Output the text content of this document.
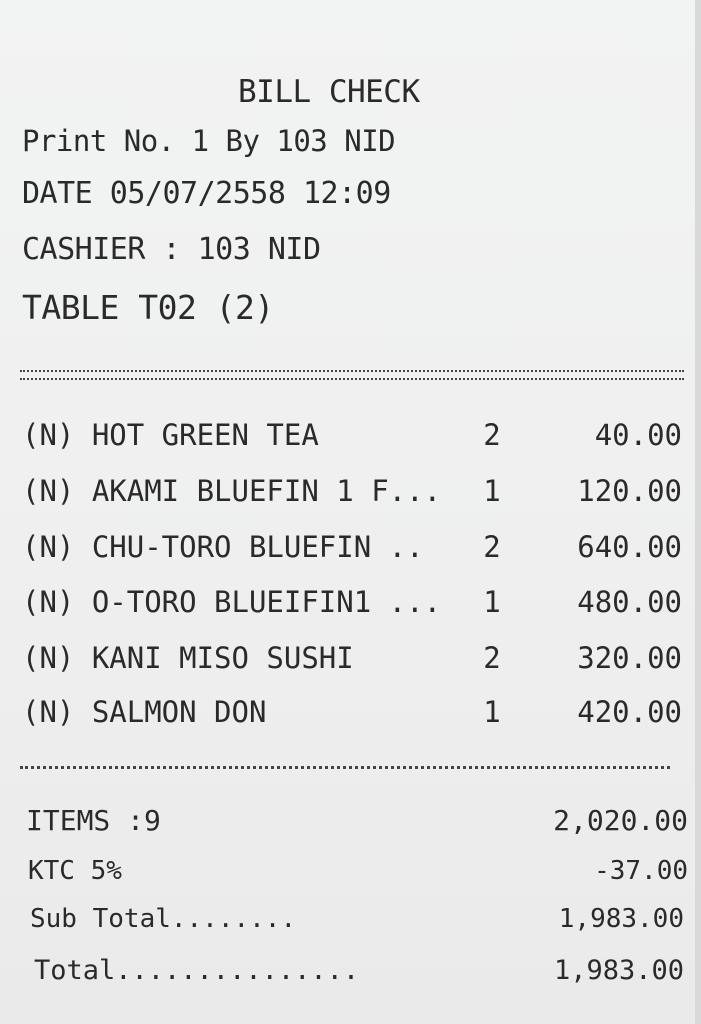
BILL CHECK
Print No. 1 By 103 NID
DATE 05/07/2558 12:09
CASHIER : 103 NID
TABLE T02 (2)
(N) HOT GREEN TEA	2	40.00
(N) AKAMI BLUEFIN 1 F... 1	120.00
(N) CHU-TORO BLUEFIN .. 2	640.00
(N) O-TORO BLUEIFIN1 ... 1	480.00
(N) KANI MISO SUSHI	2	320.00
(N) SALMON DON	1	420.00
ITEMS :9	2,020.00
KTC 5%	-37.00
Sub Total........	1,983.00
Total...............	1,983.00
